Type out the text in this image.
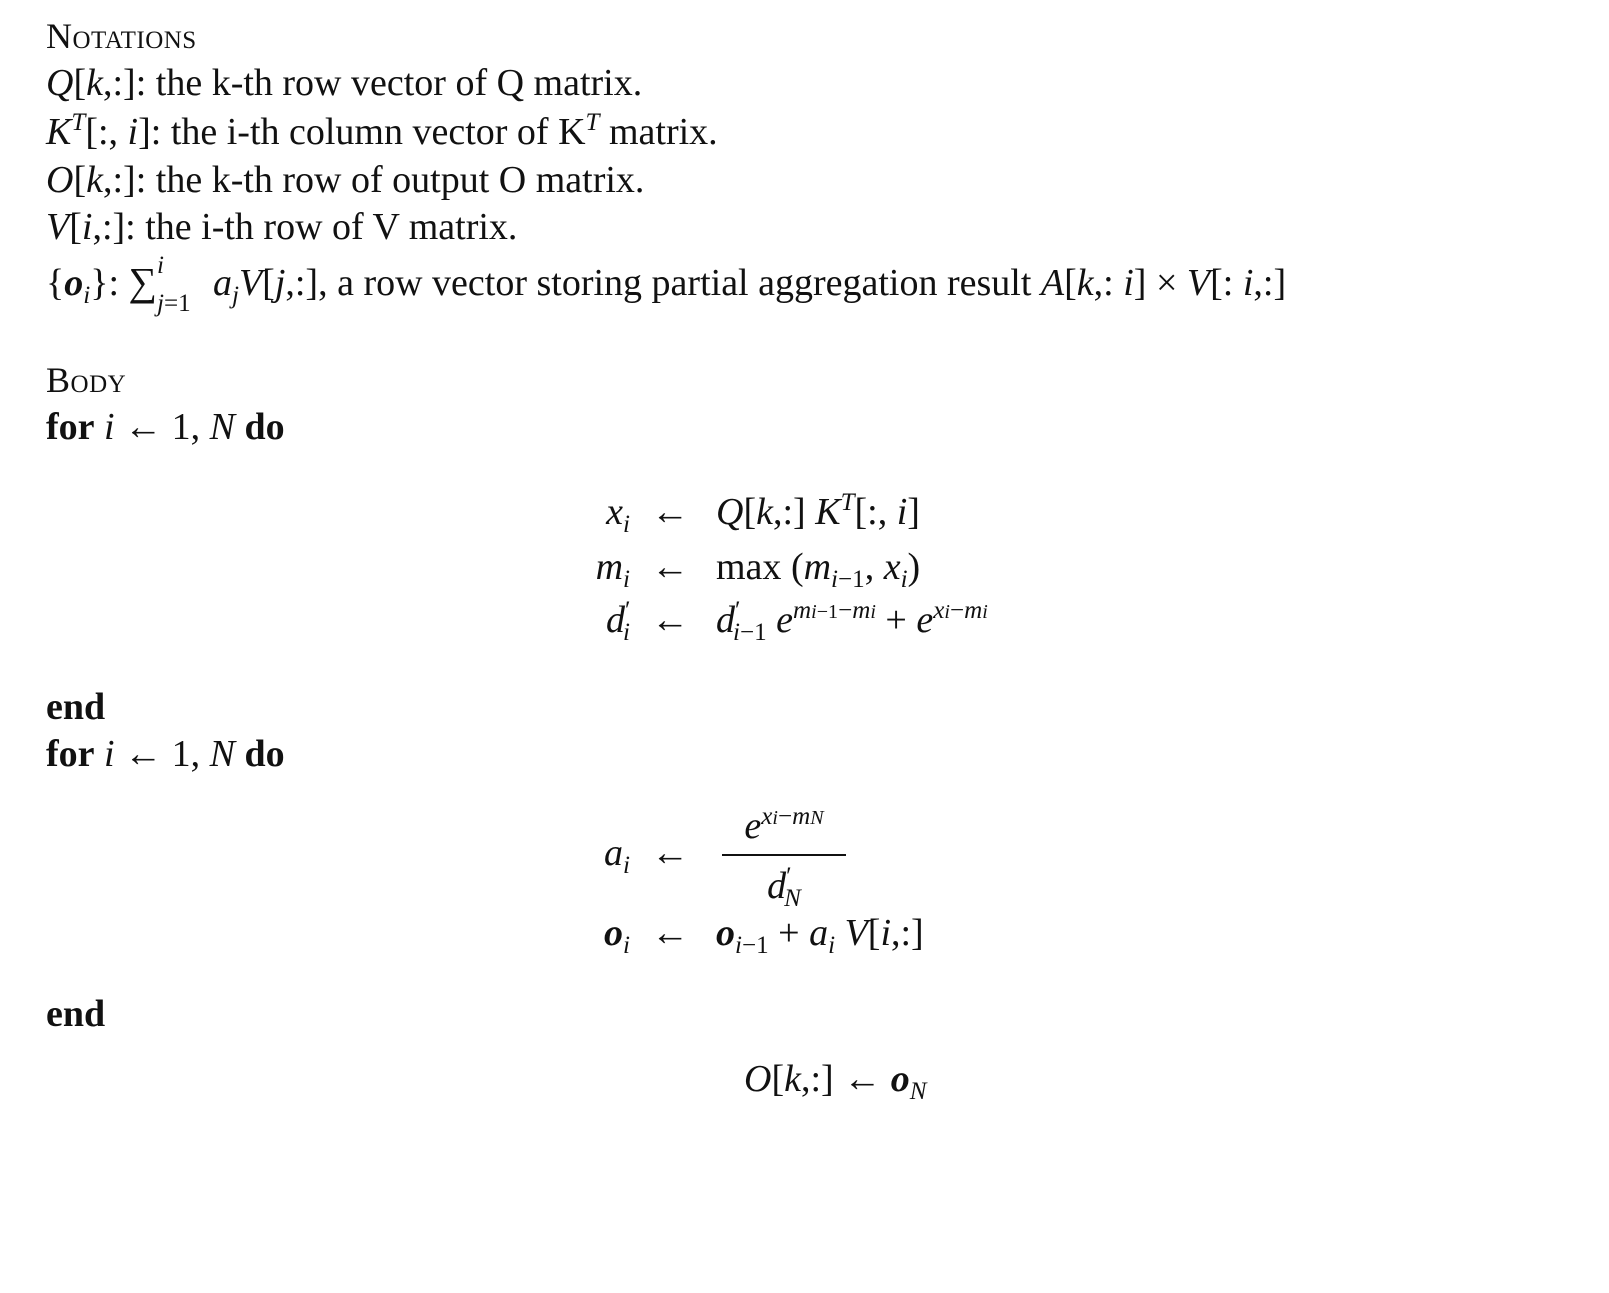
Notations
Q[k,:]: the k-th row vector of Q matrix.
$K^T$[:, i]: the i-th column vector of $K^T$ matrix.
O[k,:]: the k-th row of output O matrix.
V[i,:]: the i-th row of V matrix.
$\{o_i\}$: ∑ i
j=1 $a_jV[j,:]$, a row vector storing partial aggregation result A[k,: i] × V[: i,:]
Body
for i ← 1, N do
$x_i$ ← Q[k,:] $K^T$[:, i]
$m_i$ ← $\max (m_{i-1}$, $x_i$)
$d'_i$ ← $d'_{i-1}$ $e^{mi-1-mi} + e^{xi-mi}$
end
for i ← 1, N do
$a_i$ ←
$e^{xi-mN}$
$d'_N$
$o_i$ ← $o_{i-1} + a_i$ V[i,:]
end
O[k,:] ← $o_N$
